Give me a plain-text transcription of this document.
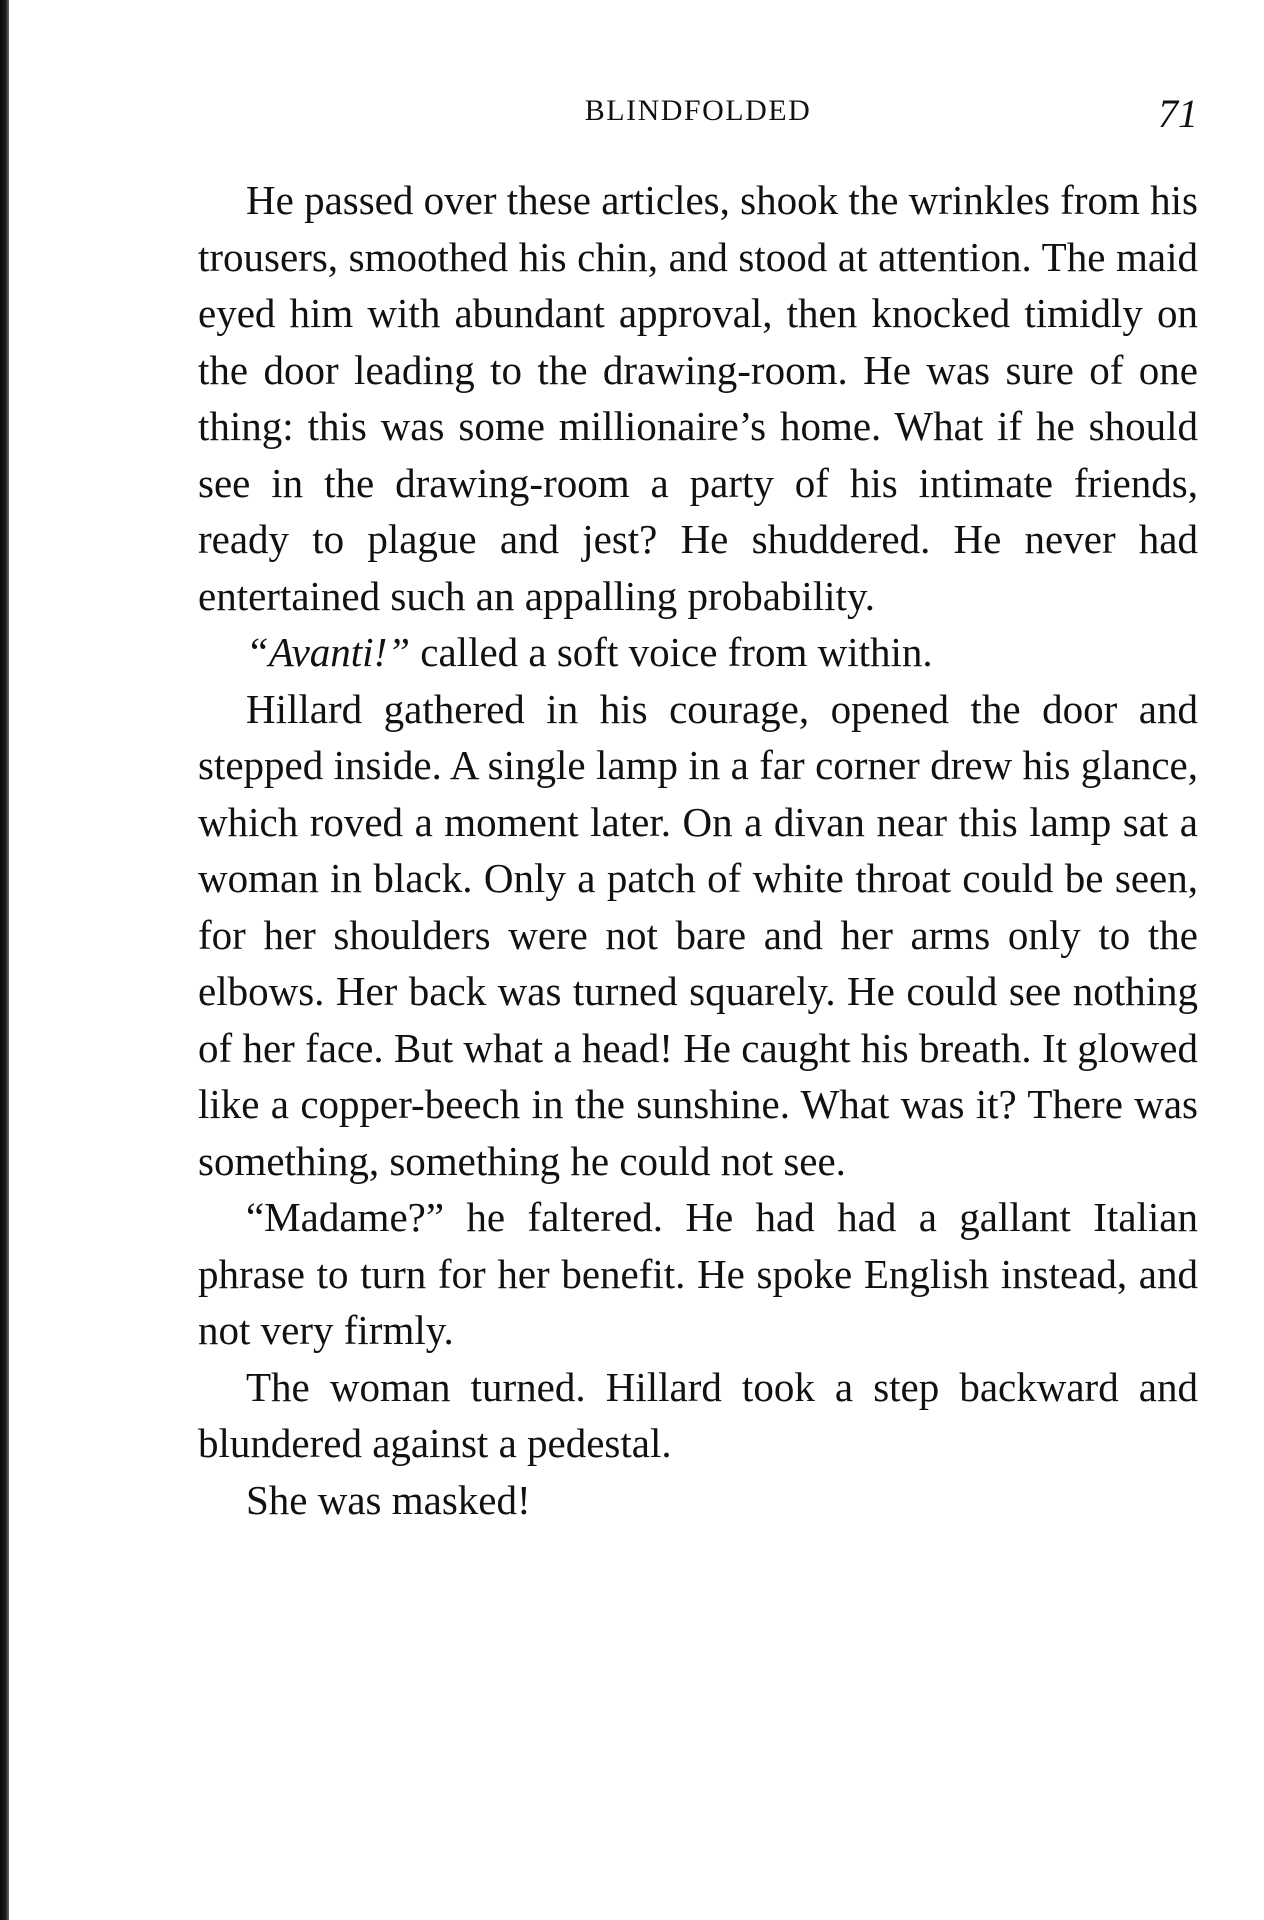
BLINDFOLDED	71

He passed over these articles, shook the wrinkles from his trousers, smoothed his chin, and stood at attention. The maid eyed him with abundant approval, then knocked timidly on the door leading to the drawing-room. He was sure of one thing: this was some millionaire’s home. What if he should see in the drawing-room a party of his intimate friends, ready to plague and jest? He shuddered. He never had entertained such an appalling probability.

“Avanti!” called a soft voice from within.

Hillard gathered in his courage, opened the door and stepped inside. A single lamp in a far corner drew his glance, which roved a moment later. On a divan near this lamp sat a woman in black. Only a patch of white throat could be seen, for her shoulders were not bare and her arms only to the elbows. Her back was turned squarely. He could see nothing of her face. But what a head! He caught his breath. It glowed like a copper-beech in the sunshine. What was it? There was something, something he could not see.

“Madame?” he faltered. He had had a gallant Italian phrase to turn for her benefit. He spoke English instead, and not very firmly.

The woman turned. Hillard took a step backward and blundered against a pedestal.

She was masked!
